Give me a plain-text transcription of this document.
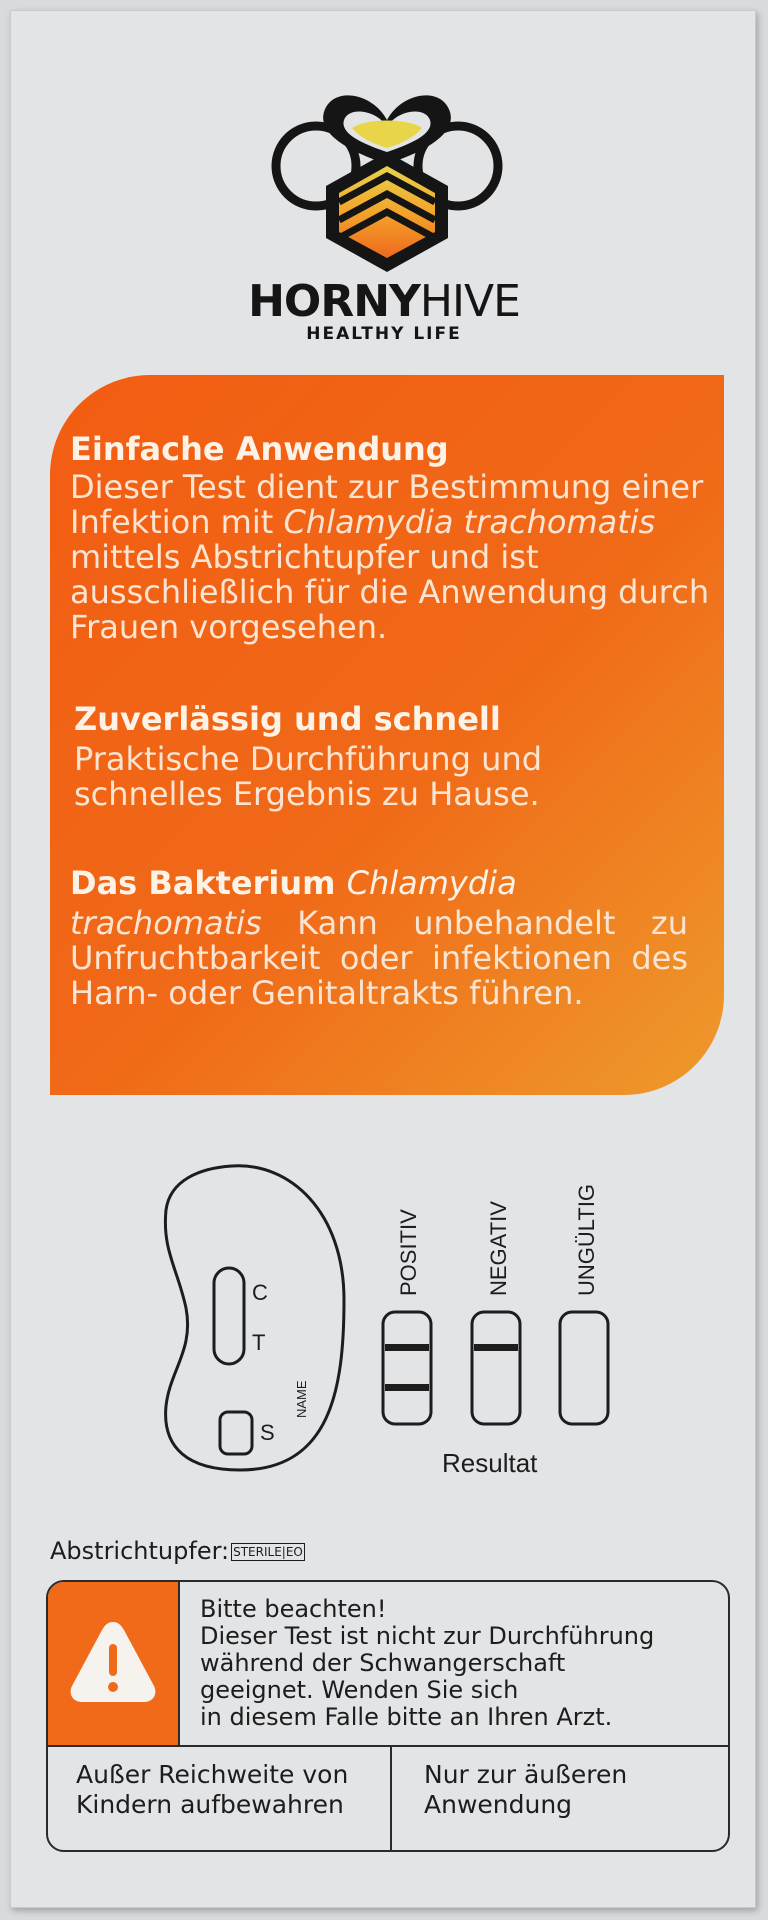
HORNYHIVE
HEALTHY LIFE
Einfache Anwendung
Dieser Test dient zur Bestimmung einer Infektion mit Chlamydia trachomatis mittels Abstrichtupfer und ist ausschließlich für die Anwendung durch Frauen vorgesehen.
Zuverlässig und schnell
Praktische Durchführung und schnelles Ergebnis zu Hause.
Das Bakterium Chlamydia
trachomatis Kann unbehandelt zu Unfruchtbarkeit oder infektionen des Harn- oder Genitaltrakts führen.
C
T
S
NAME
POSITIV	NEGATIV	UNGÜLTIG
Resultat
Abstrichtupfer: STERILE|EO
Bitte beachten!
Dieser Test ist nicht zur Durchführung
während der Schwangerschaft
geeignet. Wenden Sie sich
in diesem Falle bitte an Ihren Arzt.
Außer Reichweite von
Kindern aufbewahren
Nur zur äußeren
Anwendung
